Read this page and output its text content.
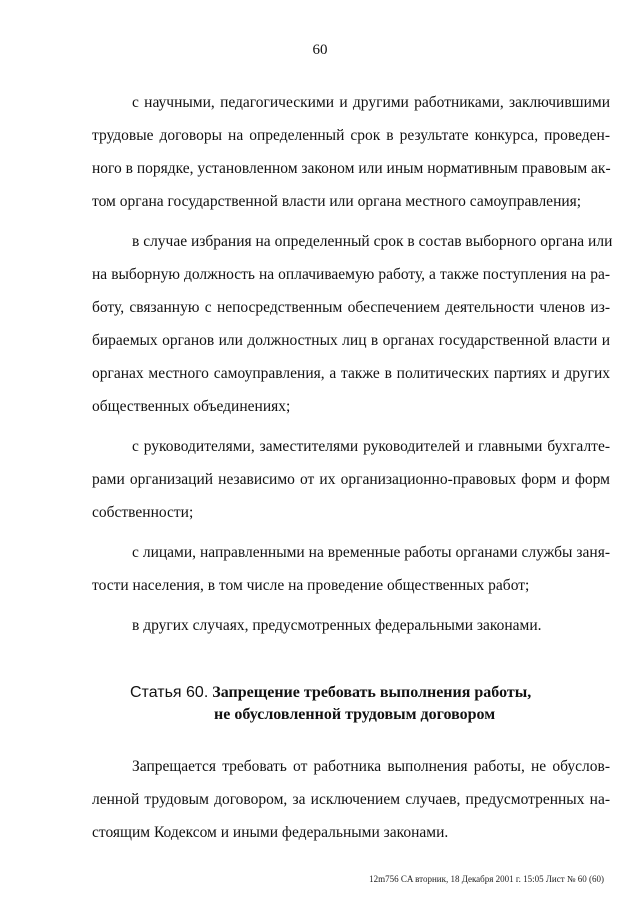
60

с научными, педагогическими и другими работниками, заключившими
трудовые договоры на определенный срок в результате конкурса, проведен-
ного в порядке, установленном законом или иным нормативным правовым ак-
том органа государственной власти или органа местного самоуправления;

в случае избрания на определенный срок в состав выборного органа или
на выборную должность на оплачиваемую работу, а также поступления на ра-
боту, связанную с непосредственным обеспечением деятельности членов из-
бираемых органов или должностных лиц в органах государственной власти и
органах местного самоуправления, а также в политических партиях и других
общественных объединениях;

с руководителями, заместителями руководителей и главными бухгалте-
рами организаций независимо от их организационно-правовых форм и форм
собственности;

с лицами, направленными на временные работы органами службы заня-
тости населения, в том числе на проведение общественных работ;

в других случаях, предусмотренных федеральными законами.

Статья 60. Запрещение требовать выполнения работы,
не обусловленной трудовым договором

Запрещается требовать от работника выполнения работы, не обуслов-
ленной трудовым договором, за исключением случаев, предусмотренных на-
стоящим Кодексом и иными федеральными законами.

12m756 CA вторник, 18 Декабря 2001 г. 15:05 Лист № 60 (60)
